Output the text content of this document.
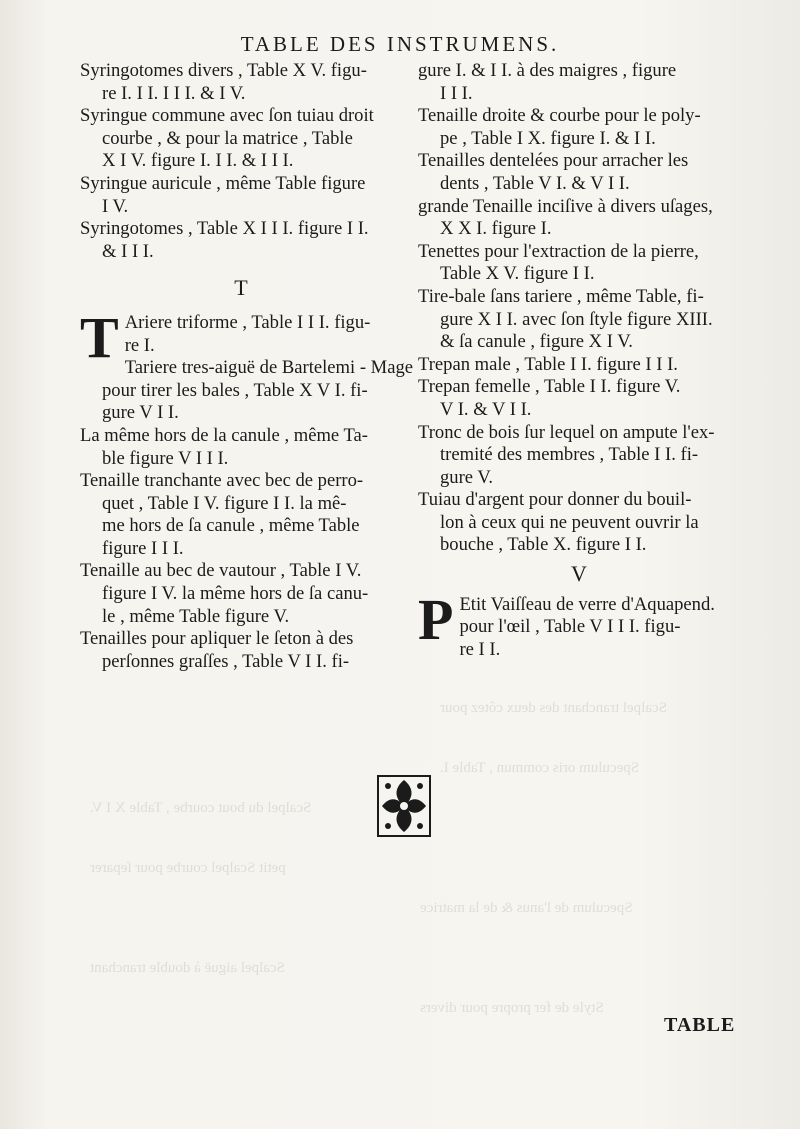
Scalpel tranchant des deux côtez pour
Speculum oris commun , Table I.
Scalpel du bout courbe , Table X I V.
petit Scalpel courbe pour ſeparer
Speculum de l'anus & de la matrice
Scalpel aiguë à double tranchant
Style de fer propre pour divers
TABLE DES INSTRUMENS.
Syringotomes divers , Table X V. figu-
re I. I I. I I I. & I V.
Syringue commune avec ſon tuiau droit
courbe , & pour la matrice , Table
X I V. figure I. I I. & I I I.
Syringue auricule , même Table figure
I V.
Syringotomes , Table X I I I. figure I I.
& I I I.
T
T Ariere triforme , Table I I I. figu-
re I.
Tariere tres-aiguë de Bartelemi - Mage
pour tirer les bales , Table X V I. fi-
gure V I I.
La même hors de la canule , même Ta-
ble figure V I I I.
Tenaille tranchante avec bec de perro-
quet , Table I V. figure I I. la mê-
me hors de ſa canule , même Table
figure I I I.
Tenaille au bec de vautour , Table I V.
figure I V. la même hors de ſa canu-
le , même Table figure V.
Tenailles pour apliquer le ſeton à des
perſonnes graſſes , Table V I I. fi-
gure I. & I I. à des maigres , figure
I I I.
Tenaille droite & courbe pour le poly-
pe , Table I X. figure I. & I I.
Tenailles dentelées pour arracher les
dents , Table V I. & V I I.
grande Tenaille inciſive à divers uſages,
X X I. figure I.
Tenettes pour l'extraction de la pierre,
Table X V. figure I I.
Tire-bale ſans tariere , même Table, fi-
gure X I I. avec ſon ſtyle figure XIII.
& ſa canule , figure X I V.
Trepan male , Table I I. figure I I I.
Trepan femelle , Table I I. figure V.
V I. & V I I.
Tronc de bois ſur lequel on ampute l'ex-
tremité des membres , Table I I. fi-
gure V.
Tuiau d'argent pour donner du bouil-
lon à ceux qui ne peuvent ouvrir la
bouche , Table X. figure I I.
V
P Etit Vaiſſeau de verre d'Aquapend.
pour l'œil , Table V I I I. figu-
re I I.
TABLE
